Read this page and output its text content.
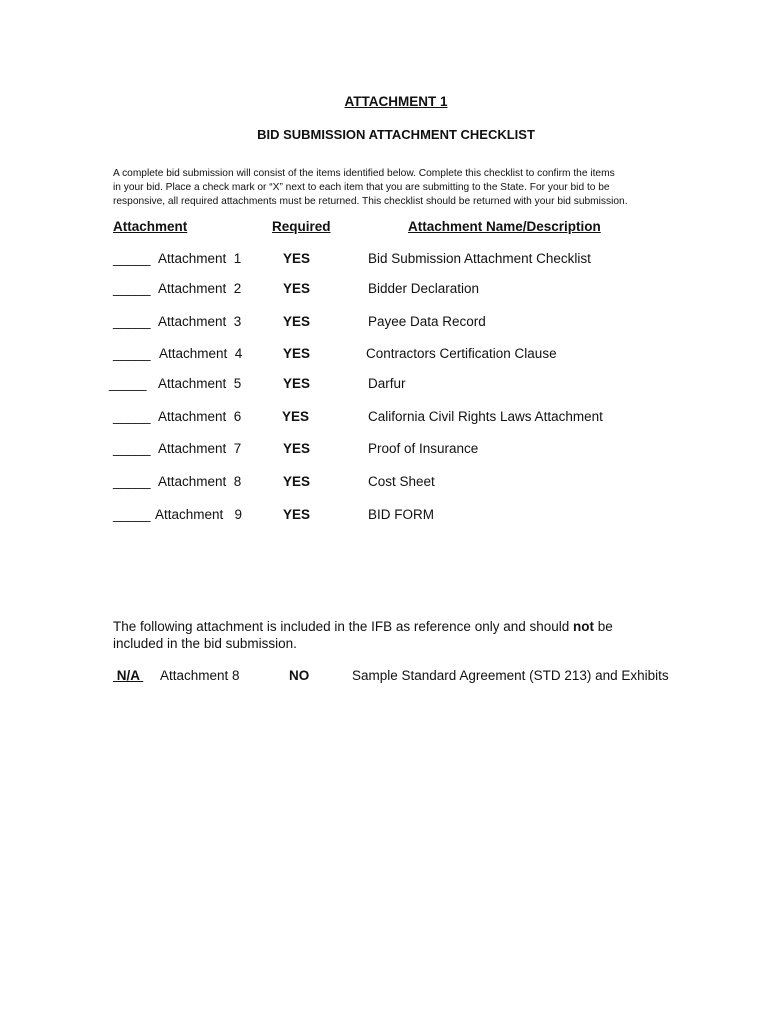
ATTACHMENT 1
BID SUBMISSION ATTACHMENT CHECKLIST
A complete bid submission will consist of the items identified below. Complete this checklist to confirm the items
in your bid. Place a check mark or “X” next to each item that you are submitting to the State. For your bid to be
responsive, all required attachments must be returned. This checklist should be returned with your bid submission.
Attachment	Required	Attachment Name/Description
_____ Attachment  1	YES	Bid Submission Attachment Checklist
_____ Attachment  2	YES	Bidder Declaration
_____ Attachment  3	YES	Payee Data Record
_____ Attachment  4	YES	Contractors Certification Clause
_____ Attachment  5	YES	Darfur
_____ Attachment  6	YES	California Civil Rights Laws Attachment
_____ Attachment  7	YES	Proof of Insurance
_____ Attachment  8	YES	Cost Sheet
_____ Attachment   9	YES	BID FORM
The following attachment is included in the IFB as reference only and should not be included in the bid submission.
N/A Attachment 8	NO	Sample Standard Agreement (STD 213) and Exhibits
